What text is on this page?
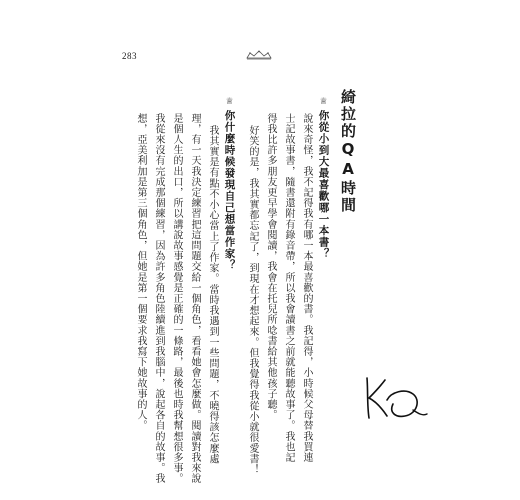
283
綺拉的QA時間
♕你從小到大最喜歡哪一本書？
說來奇怪，我不記得我有哪一本最喜歡的書。我記得，小時候父母替我買連
士記故事書，隨書還附有錄音帶，所以我會讀書之前就能聽故事了。我也記
得我比許多朋友更早學會閱讀，我會在托兒所唸書給其他孩子聽。
好笑的是，我其實都忘記了，到現在才想起來。但我覺得我從小就很愛書！
♕你什麼時候發現自己想當作家？
我其實是有點不小心當上了作家。當時我遇到一些問題，不曉得該怎麼處
理，有一天我決定練習把這問題交給一個角色，看看她會怎麼做。閱讀對我來說
是個人生的出口，所以講說故事感覺是正確的一條路，最後也時我幫想很多事。
我從來沒有完成那個練習，因為許多角色陸續進到我腦中，說起各自的故事。我
想，亞美利加是第三個角色，但她是第一個要求我寫下她故事的人。
